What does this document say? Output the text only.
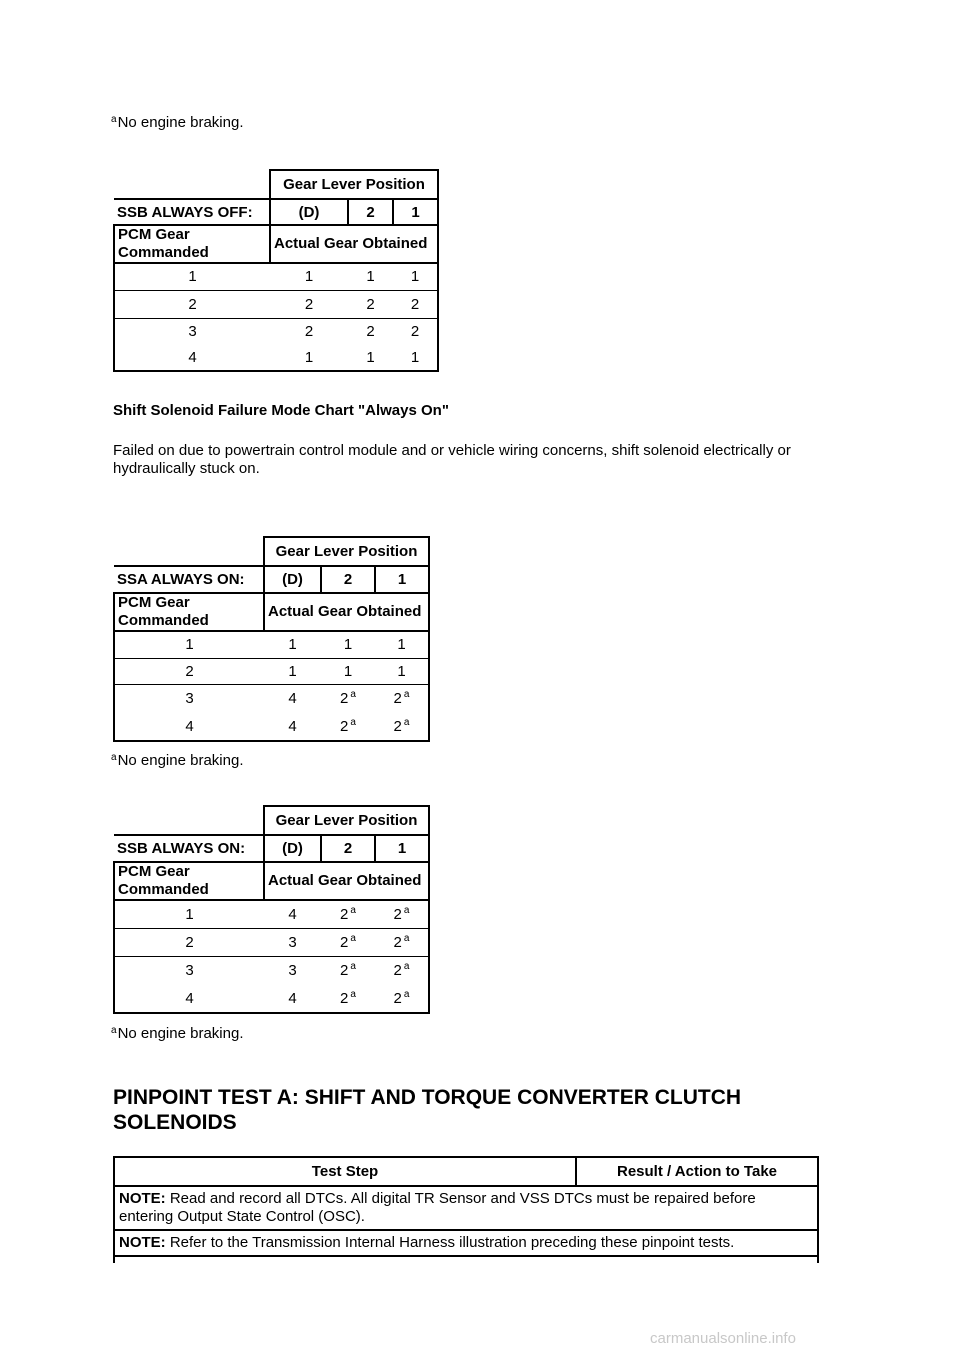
$^a$No engine braking.
	Gear Lever Position		
SSB ALWAYS OFF:	(D)	2	1
PCM Gear Commanded	Actual Gear Obtained		
1	1	1	1
2	2	2	2
3	2	2	2
4	1	1	1
Shift Solenoid Failure Mode Chart "Always On"
Failed on due to powertrain control module and or vehicle wiring concerns, shift solenoid electrically or hydraulically stuck on.
	Gear Lever Position		
SSA ALWAYS ON:	(D)	2	1
PCM Gear Commanded	Actual Gear Obtained		
1	1	1	1
2	1	1	1
3	4	2 $^a$	2 $^a$
4	4	2 $^a$	2 $^a$
$^a$No engine braking.
	Gear Lever Position		
SSB ALWAYS ON:	(D)	2	1
PCM Gear Commanded	Actual Gear Obtained		
1	4	2 $^a$	2 $^a$
2	3	2 $^a$	2 $^a$
3	3	2 $^a$	2 $^a$
4	4	2 $^a$	2 $^a$
$^a$No engine braking.
PINPOINT TEST A: SHIFT AND TORQUE CONVERTER CLUTCH SOLENOIDS
Test Step	Result / Action to Take
NOTE: Read and record all DTCs. All digital TR Sensor and VSS DTCs must be repaired before entering Output State Control (OSC).
NOTE: Refer to the Transmission Internal Harness illustration preceding these pinpoint tests.

carmanualsonline.info
